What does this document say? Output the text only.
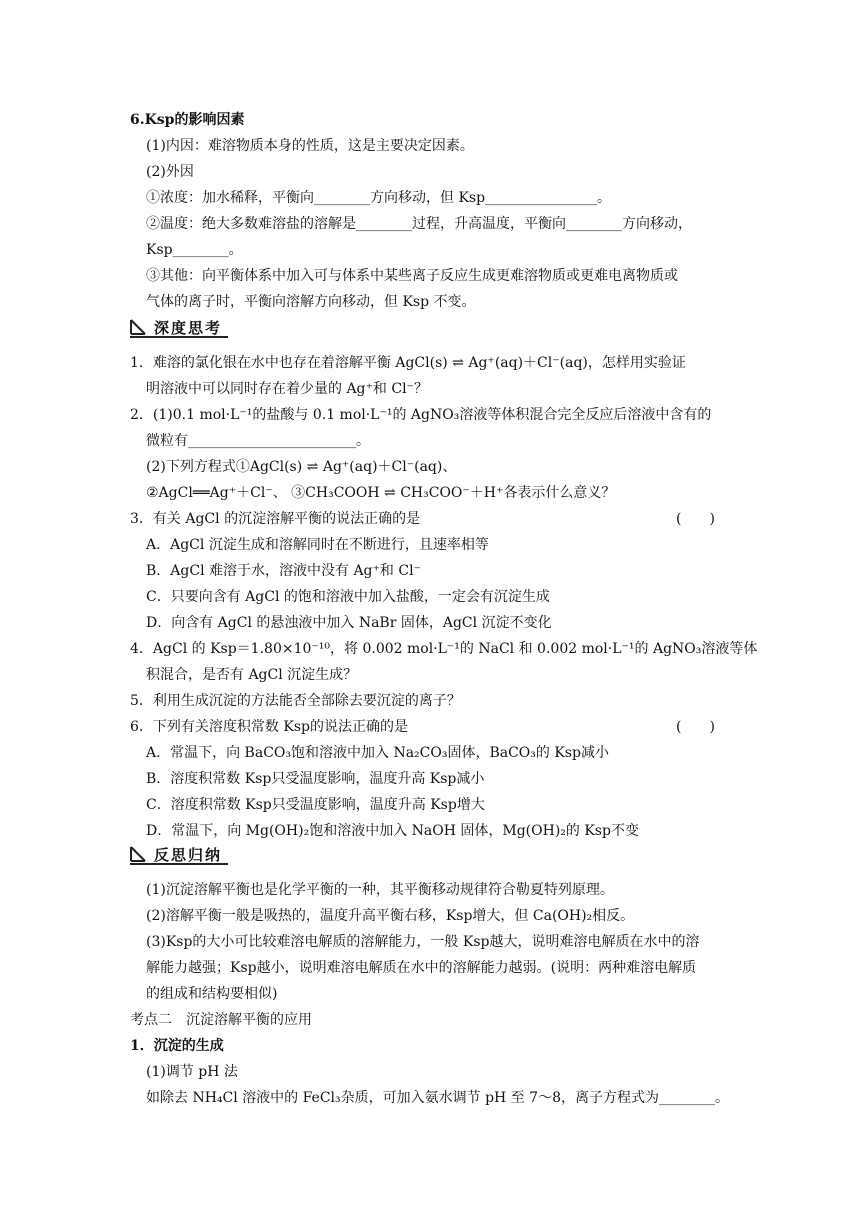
6.Ksp的影响因素
(1)内因：难溶物质本身的性质，这是主要决定因素。
(2)外因
①浓度：加水稀释，平衡向________方向移动，但 Ksp________________。
②温度：绝大多数难溶盐的溶解是________过程，升高温度，平衡向________方向移动，
Ksp________。
③其他：向平衡体系中加入可与体系中某些离子反应生成更难溶物质或更难电离物质或
气体的离子时，平衡向溶解方向移动，但 Ksp 不变。
深度思考
1．难溶的氯化银在水中也存在着溶解平衡 AgCl(s) ⇌ Ag⁺(aq)＋Cl⁻(aq)，怎样用实验证
明溶液中可以同时存在着少量的 Ag⁺和 Cl⁻？
2．(1)0.1 mol·L⁻¹的盐酸与 0.1 mol·L⁻¹的 AgNO₃溶液等体积混合完全反应后溶液中含有的
微粒有________________________。
(2)下列方程式①AgCl(s) ⇌ Ag⁺(aq)＋Cl⁻(aq)、
②AgCl══Ag⁺＋Cl⁻、 ③CH₃COOH ⇌ CH₃COO⁻＋H⁺各表示什么意义？
3．有关 AgCl 的沉淀溶解平衡的说法正确的是	(　　)
A．AgCl 沉淀生成和溶解同时在不断进行，且速率相等
B．AgCl 难溶于水，溶液中没有 Ag⁺和 Cl⁻
C．只要向含有 AgCl 的饱和溶液中加入盐酸，一定会有沉淀生成
D．向含有 AgCl 的悬浊液中加入 NaBr 固体，AgCl 沉淀不变化
4．AgCl 的 Ksp＝1.80×10⁻¹⁰，将 0.002 mol·L⁻¹的 NaCl 和 0.002 mol·L⁻¹的 AgNO₃溶液等体
积混合，是否有 AgCl 沉淀生成？
5．利用生成沉淀的方法能否全部除去要沉淀的离子？
6．下列有关溶度积常数 Ksp的说法正确的是	(　　)
A．常温下，向 BaCO₃饱和溶液中加入 Na₂CO₃固体，BaCO₃的 Ksp减小
B．溶度积常数 Ksp只受温度影响，温度升高 Ksp减小
C．溶度积常数 Ksp只受温度影响，温度升高 Ksp增大
D．常温下，向 Mg(OH)₂饱和溶液中加入 NaOH 固体，Mg(OH)₂的 Ksp不变
反思归纳
(1)沉淀溶解平衡也是化学平衡的一种，其平衡移动规律符合勒夏特列原理。
(2)溶解平衡一般是吸热的，温度升高平衡右移，Ksp增大，但 Ca(OH)₂相反。
(3)Ksp的大小可比较难溶电解质的溶解能力，一般 Ksp越大，说明难溶电解质在水中的溶
解能力越强；Ksp越小，说明难溶电解质在水中的溶解能力越弱。(说明：两种难溶电解质
的组成和结构要相似)
考点二　沉淀溶解平衡的应用
1．沉淀的生成
(1)调节 pH 法
如除去 NH₄Cl 溶液中的 FeCl₃杂质，可加入氨水调节 pH 至 7～8，离子方程式为________。
